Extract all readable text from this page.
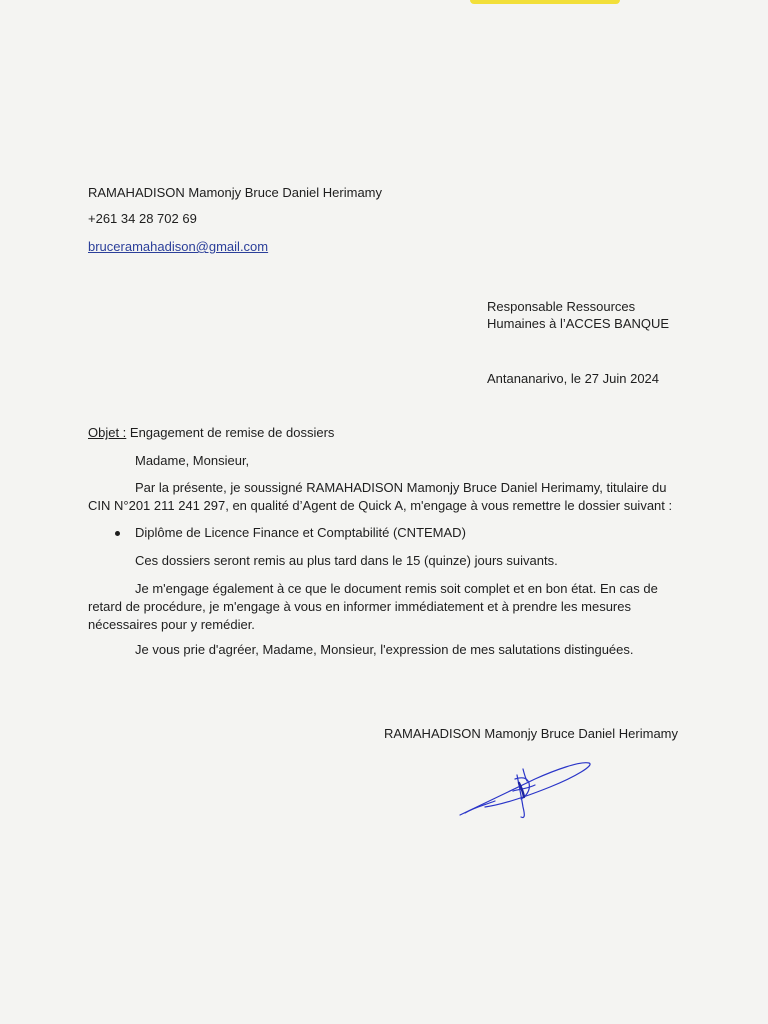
RAMAHADISON Mamonjy Bruce Daniel Herimamy
+261 34 28 702 69
bruceramahadison@gmail.com
Responsable Ressources
Humaines à l’ACCES BANQUE
Antananarivo, le 27 Juin 2024
Objet : Engagement de remise de dossiers
Madame, Monsieur,
Par la présente, je soussigné RAMAHADISON Mamonjy Bruce Daniel Herimamy, titulaire du
CIN N°201 211 241 297, en qualité d’Agent de Quick A, m'engage à vous remettre le dossier suivant :
Diplôme de Licence Finance et Comptabilité (CNTEMAD)
Ces dossiers seront remis au plus tard dans le 15 (quinze) jours suivants.
Je m'engage également à ce que le document remis soit complet et en bon état. En cas de
retard de procédure, je m'engage à vous en informer immédiatement et à prendre les mesures
nécessaires pour y remédier.
Je vous prie d'agréer, Madame, Monsieur, l'expression de mes salutations distinguées.
RAMAHADISON Mamonjy Bruce Daniel Herimamy
